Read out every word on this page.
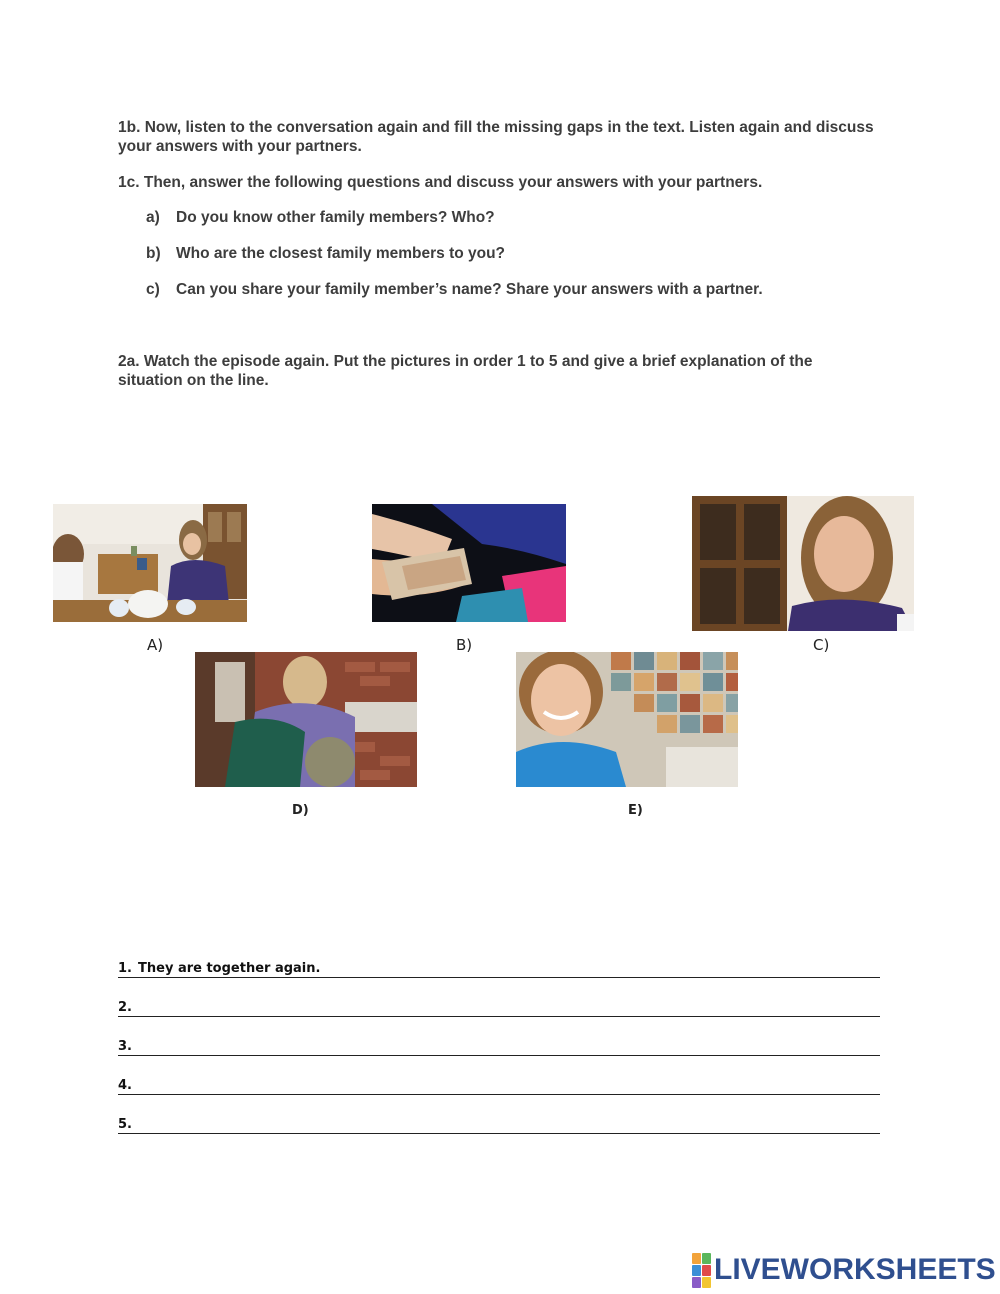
1b. Now, listen to the conversation again and fill the missing gaps in the text. Listen again and discuss your answers with your partners.
1c. Then, answer the following questions and discuss your answers with your partners.
a) Do you know other family members? Who?
b) Who are the closest family members to you?
c) Can you share your family member’s name? Share your answers with a partner.
2a. Watch the episode again. Put the pictures in order 1 to 5 and give a brief explanation of the situation on the line.
A)	B)	C)
D)	E)
1. They are together again.
2.
3.
4.
5.
LIVEWORKSHEETS
